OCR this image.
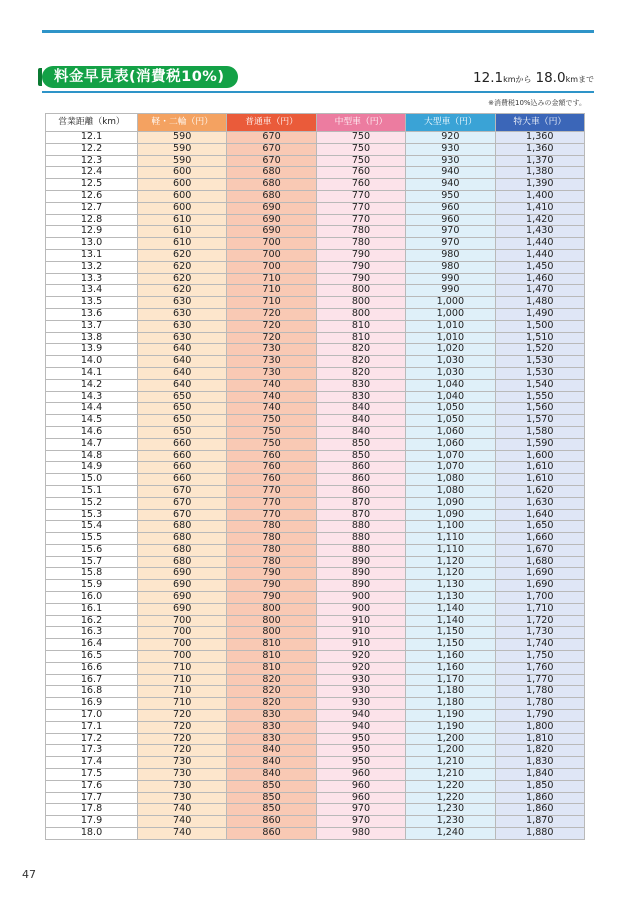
料金早見表(消費税10%)	12.1kmから 18.0kmまで
※消費税10%込みの金額です。
営業距離（km）	軽・二輪（円）	普通車（円）	中型車（円）	大型車（円）	特大車（円）
12.1	590	670	750	920	1,360
12.2	590	670	750	930	1,360
12.3	590	670	750	930	1,370
12.4	600	680	760	940	1,380
12.5	600	680	760	940	1,390
12.6	600	680	770	950	1,400
12.7	600	690	770	960	1,410
12.8	610	690	770	960	1,420
12.9	610	690	780	970	1,430
13.0	610	700	780	970	1,440
13.1	620	700	790	980	1,440
13.2	620	700	790	980	1,450
13.3	620	710	790	990	1,460
13.4	620	710	800	990	1,470
13.5	630	710	800	1,000	1,480
13.6	630	720	800	1,000	1,490
13.7	630	720	810	1,010	1,500
13.8	630	720	810	1,010	1,510
13.9	640	730	820	1,020	1,520
14.0	640	730	820	1,030	1,530
14.1	640	730	820	1,030	1,530
14.2	640	740	830	1,040	1,540
14.3	650	740	830	1,040	1,550
14.4	650	740	840	1,050	1,560
14.5	650	750	840	1,050	1,570
14.6	650	750	840	1,060	1,580
14.7	660	750	850	1,060	1,590
14.8	660	760	850	1,070	1,600
14.9	660	760	860	1,070	1,610
15.0	660	760	860	1,080	1,610
15.1	670	770	860	1,080	1,620
15.2	670	770	870	1,090	1,630
15.3	670	770	870	1,090	1,640
15.4	680	780	880	1,100	1,650
15.5	680	780	880	1,110	1,660
15.6	680	780	880	1,110	1,670
15.7	680	780	890	1,120	1,680
15.8	690	790	890	1,120	1,690
15.9	690	790	890	1,130	1,690
16.0	690	790	900	1,130	1,700
16.1	690	800	900	1,140	1,710
16.2	700	800	910	1,140	1,720
16.3	700	800	910	1,150	1,730
16.4	700	810	910	1,150	1,740
16.5	700	810	920	1,160	1,750
16.6	710	810	920	1,160	1,760
16.7	710	820	930	1,170	1,770
16.8	710	820	930	1,180	1,780
16.9	710	820	930	1,180	1,780
17.0	720	830	940	1,190	1,790
17.1	720	830	940	1,190	1,800
17.2	720	830	950	1,200	1,810
17.3	720	840	950	1,200	1,820
17.4	730	840	950	1,210	1,830
17.5	730	840	960	1,210	1,840
17.6	730	850	960	1,220	1,850
17.7	730	850	960	1,220	1,860
17.8	740	850	970	1,230	1,860
17.9	740	860	970	1,230	1,870
18.0	740	860	980	1,240	1,880
47
